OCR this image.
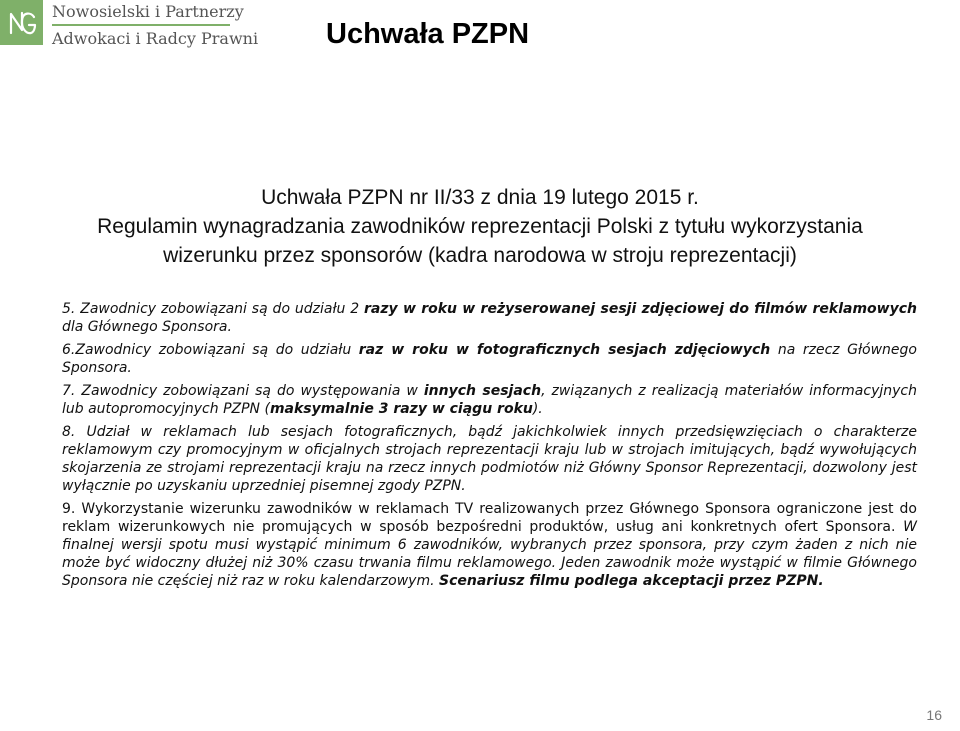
Nowosielski i Partnerzy
Adwokaci i Radcy Prawni Uchwała PZPN
Uchwała PZPN nr II/33 z dnia 19 lutego 2015 r.
Regulamin wynagradzania zawodników reprezentacji Polski z tytułu wykorzystania
wizerunku przez sponsorów (kadra narodowa w stroju reprezentacji)

5. Zawodnicy zobowiązani są do udziału 2 razy w roku w reżyserowanej sesji zdjęciowej do filmów reklamowych dla Głównego Sponsora.

6.Zawodnicy zobowiązani są do udziału raz w roku w fotograficznych sesjach zdjęciowych na rzecz Głównego Sponsora.

7. Zawodnicy zobowiązani są do występowania w innych sesjach, związanych z realizacją materiałów informacyjnych lub autopromocyjnych PZPN (maksymalnie 3 razy w ciągu roku).

8. Udział w reklamach lub sesjach fotograficznych, bądź jakichkolwiek innych przedsięwzięciach o charakterze reklamowym czy promocyjnym w oficjalnych strojach reprezentacji kraju lub w strojach imitujących, bądź wywołujących skojarzenia ze strojami reprezentacji kraju na rzecz innych podmiotów niż Główny Sponsor Reprezentacji, dozwolony jest wyłącznie po uzyskaniu uprzedniej pisemnej zgody PZPN.

9. Wykorzystanie wizerunku zawodników w reklamach TV realizowanych przez Głównego Sponsora ograniczone jest do reklam wizerunkowych nie promujących w sposób bezpośredni produktów, usług ani konkretnych ofert Sponsora. W finalnej wersji spotu musi wystąpić minimum 6 zawodników, wybranych przez sponsora, przy czym żaden z nich nie może być widoczny dłużej niż 30% czasu trwania filmu reklamowego. Jeden zawodnik może wystąpić w filmie Głównego Sponsora nie częściej niż raz w roku kalendarzowym. Scenariusz filmu podlega akceptacji przez PZPN.

16
